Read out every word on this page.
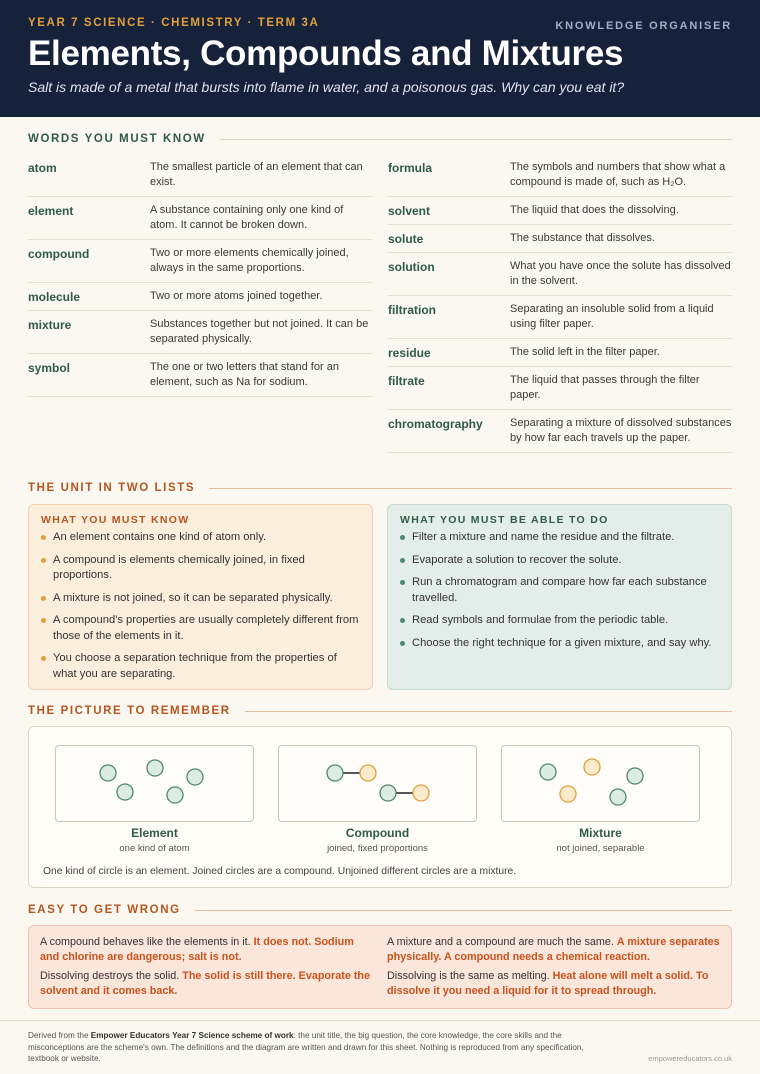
YEAR 7 SCIENCE · CHEMISTRY · TERM 3A	KNOWLEDGE ORGANISER
Elements, Compounds and Mixtures
Salt is made of a metal that bursts into flame in water, and a poisonous gas. Why can you eat it?
WORDS YOU MUST KNOW
atom	The smallest particle of an element that can exist.
element	A substance containing only one kind of atom. It cannot be broken down.
compound	Two or more elements chemically joined, always in the same proportions.
molecule	Two or more atoms joined together.
mixture	Substances together but not joined. It can be separated physically.
symbol	The one or two letters that stand for an element, such as Na for sodium.
formula	The symbols and numbers that show what a compound is made of, such as H₂O.
solvent	The liquid that does the dissolving.
solute	The substance that dissolves.
solution	What you have once the solute has dissolved in the solvent.
filtration	Separating an insoluble solid from a liquid using filter paper.
residue	The solid left in the filter paper.
filtrate	The liquid that passes through the filter paper.
chromatography	Separating a mixture of dissolved substances by how far each travels up the paper.
THE UNIT IN TWO LISTS
WHAT YOU MUST KNOW
An element contains one kind of atom only.
A compound is elements chemically joined, in fixed proportions.
A mixture is not joined, so it can be separated physically.
A compound's properties are usually completely different from those of the elements in it.
You choose a separation technique from the properties of what you are separating.
WHAT YOU MUST BE ABLE TO DO
Filter a mixture and name the residue and the filtrate.
Evaporate a solution to recover the solute.
Run a chromatogram and compare how far each substance travelled.
Read symbols and formulae from the periodic table.
Choose the right technique for a given mixture, and say why.
THE PICTURE TO REMEMBER
Element
one kind of atom
Compound
joined, fixed proportions
Mixture
not joined, separable
One kind of circle is an element. Joined circles are a compound. Unjoined different circles are a mixture.
EASY TO GET WRONG
A compound behaves like the elements in it. It does not. Sodium and chlorine are dangerous; salt is not.
A mixture and a compound are much the same. A mixture separates physically. A compound needs a chemical reaction.
Dissolving destroys the solid. The solid is still there. Evaporate the solvent and it comes back.
Dissolving is the same as melting. Heat alone will melt a solid. To dissolve it you need a liquid for it to spread through.
Derived from the Empower Educators Year 7 Science scheme of work: the unit title, the big question, the core knowledge, the core skills and the misconceptions are the scheme's own. The definitions and the diagram are written and drawn for this sheet. Nothing is reproduced from any specification, textbook or website.	empowereducators.co.uk
